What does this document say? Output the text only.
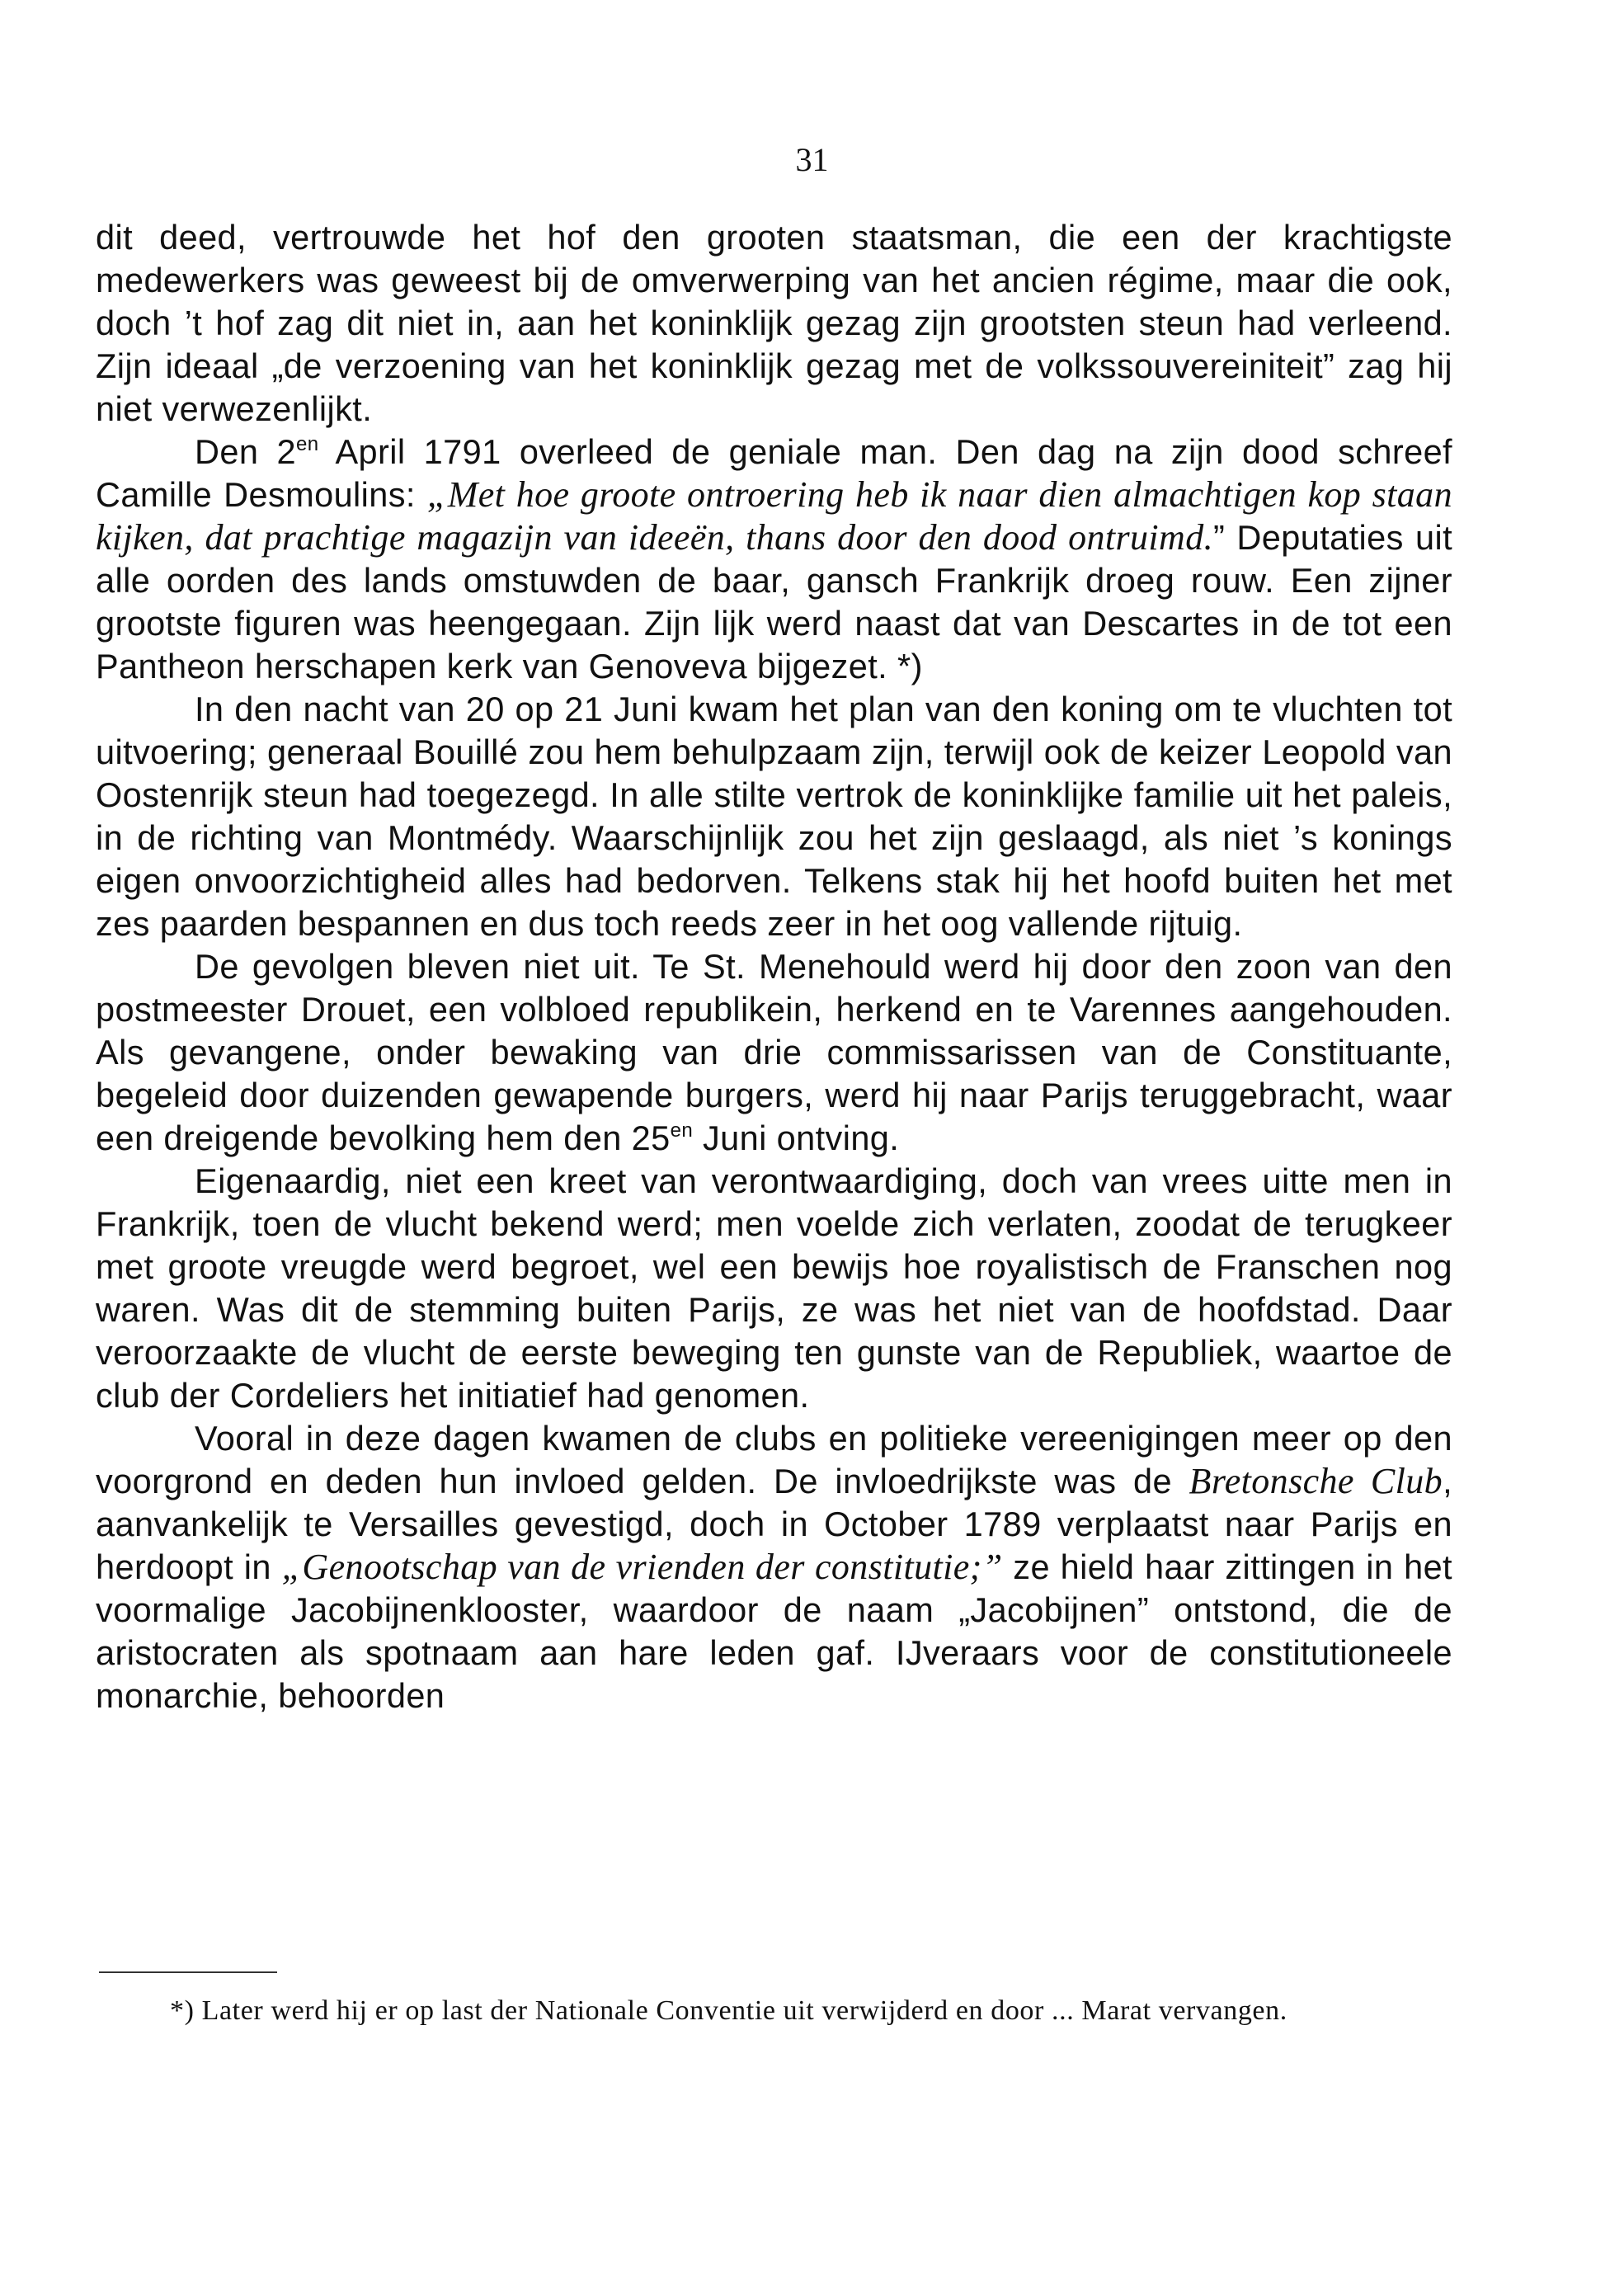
31

dit deed, vertrouwde het hof den grooten staatsman, die een der krachtigste medewerkers was geweest bij de omverwerping van het ancien régime, maar die ook, doch ’t hof zag dit niet in, aan het koninklijk gezag zijn grootsten steun had verleend. Zijn ideaal „de verzoening van het koninklijk gezag met de volkssouvereiniteit” zag hij niet verwezenlijkt.

Den $2^{en}$ April 1791 overleed de geniale man. Den dag na zijn dood schreef Camille Desmoulins: „Met hoe groote ontroering heb ik naar dien almachtigen kop staan kijken, dat prachtige magazijn van ideeën, thans door den dood ontruimd.” Deputaties uit alle oorden des lands omstuwden de baar, gansch Frankrijk droeg rouw. Een zijner grootste figuren was heengegaan. Zijn lijk werd naast dat van Descartes in de tot een Pantheon herschapen kerk van Genoveva bijgezet. *)

In den nacht van 20 op 21 Juni kwam het plan van den koning om te vluchten tot uitvoering; generaal Bouillé zou hem behulpzaam zijn, terwijl ook de keizer Leopold van Oostenrijk steun had toegezegd. In alle stilte vertrok de koninklijke familie uit het paleis, in de richting van Montmédy. Waarschijnlijk zou het zijn geslaagd, als niet ’s konings eigen onvoorzichtigheid alles had bedorven. Telkens stak hij het hoofd buiten het met zes paarden bespannen en dus toch reeds zeer in het oog vallende rijtuig.

De gevolgen bleven niet uit. Te St. Menehould werd hij door den zoon van den postmeester Drouet, een volbloed republikein, herkend en te Varennes aangehouden. Als gevangene, onder bewaking van drie commissarissen van de Constituante, begeleid door duizenden gewapende burgers, werd hij naar Parijs teruggebracht, waar een dreigende bevolking hem den $25^{en}$ Juni ontving.

Eigenaardig, niet een kreet van verontwaardiging, doch van vrees uitte men in Frankrijk, toen de vlucht bekend werd; men voelde zich verlaten, zoodat de terugkeer met groote vreugde werd begroet, wel een bewijs hoe royalistisch de Franschen nog waren. Was dit de stemming buiten Parijs, ze was het niet van de hoofdstad. Daar veroorzaakte de vlucht de eerste beweging ten gunste van de Republiek, waartoe de club der Cordeliers het initiatief had genomen.

Vooral in deze dagen kwamen de clubs en politieke vereenigingen meer op den voorgrond en deden hun invloed gelden. De invloedrijkste was de Bretonsche Club, aanvankelijk te Versailles gevestigd, doch in October 1789 verplaatst naar Parijs en herdoopt in „Genootschap van de vrienden der constitutie;” ze hield haar zittingen in het voormalige Jacobijnenklooster, waardoor de naam „Jacobijnen” ontstond, die de aristocraten als spotnaam aan hare leden gaf. IJveraars voor de constitutioneele monarchie, behoorden

*) Later werd hij er op last der Nationale Conventie uit verwijderd en door ... Marat vervangen.
